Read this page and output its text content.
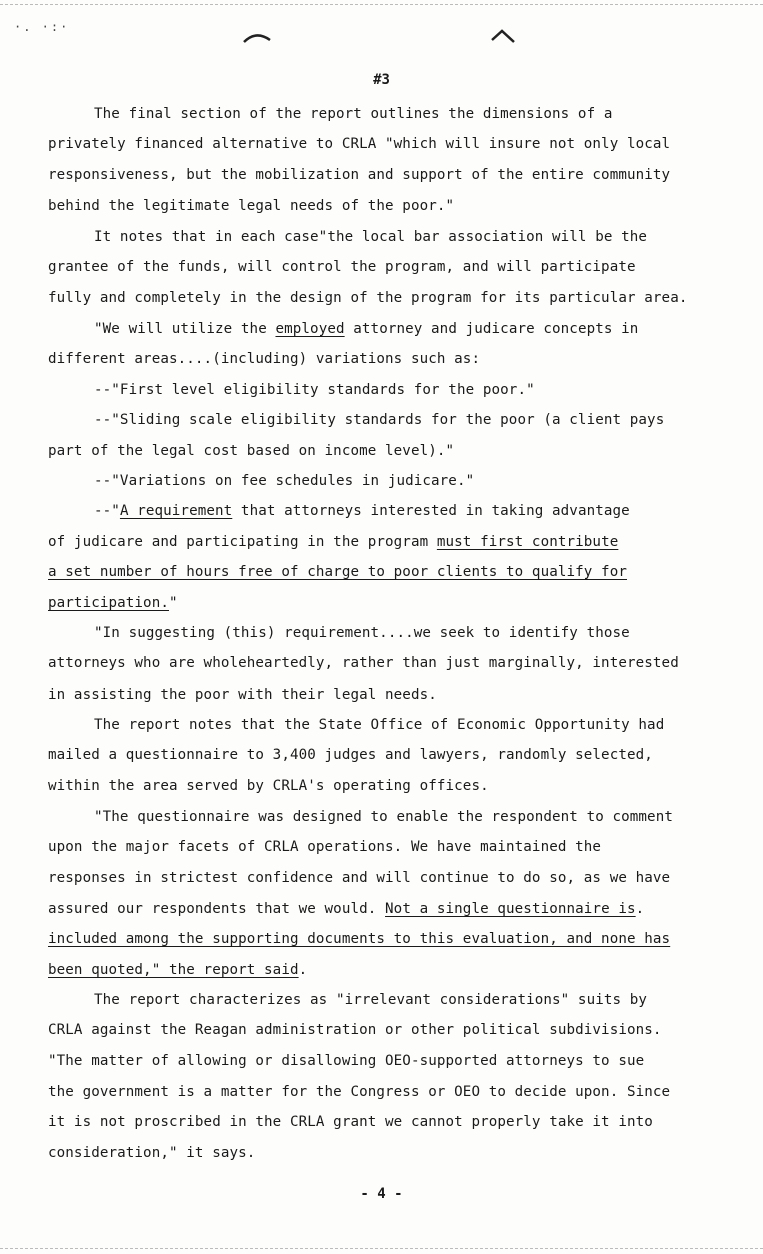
·. ·:·
#3
The final section of the report outlines the dimensions of a
privately financed alternative to CRLA "which will insure not only local
responsiveness, but the mobilization and support of the entire community
behind the legitimate legal needs of the poor."
It notes that in each case"the local bar association will be the
grantee of the funds, will control the program, and will participate
fully and completely in the design of the program for its particular area.
"We will utilize the employed attorney and judicare concepts in
different areas....(including) variations such as:
--"First level eligibility standards for the poor."
--"Sliding scale eligibility standards for the poor (a client pays
part of the legal cost based on income level)."
--"Variations on fee schedules in judicare."
--"A requirement that attorneys interested in taking advantage
of judicare and participating in the program must first contribute
a set number of hours free of charge to poor clients to qualify for
participation."
"In suggesting (this) requirement....we seek to identify those
attorneys who are wholeheartedly, rather than just marginally, interested
in assisting the poor with their legal needs.
The report notes that the State Office of Economic Opportunity had
mailed a questionnaire to 3,400 judges and lawyers, randomly selected,
within the area served by CRLA's operating offices.
"The questionnaire was designed to enable the respondent to comment
upon the major facets of CRLA operations. We have maintained the
responses in strictest confidence and will continue to do so, as we have
assured our respondents that we would. Not a single questionnaire is.
included among the supporting documents to this evaluation, and none has
been quoted," the report said.
The report characterizes as "irrelevant considerations" suits by
CRLA against the Reagan administration or other political subdivisions.
"The matter of allowing or disallowing OEO-supported attorneys to sue
the government is a matter for the Congress or OEO to decide upon. Since
it is not proscribed in the CRLA grant we cannot properly take it into
consideration," it says.
- 4 -
